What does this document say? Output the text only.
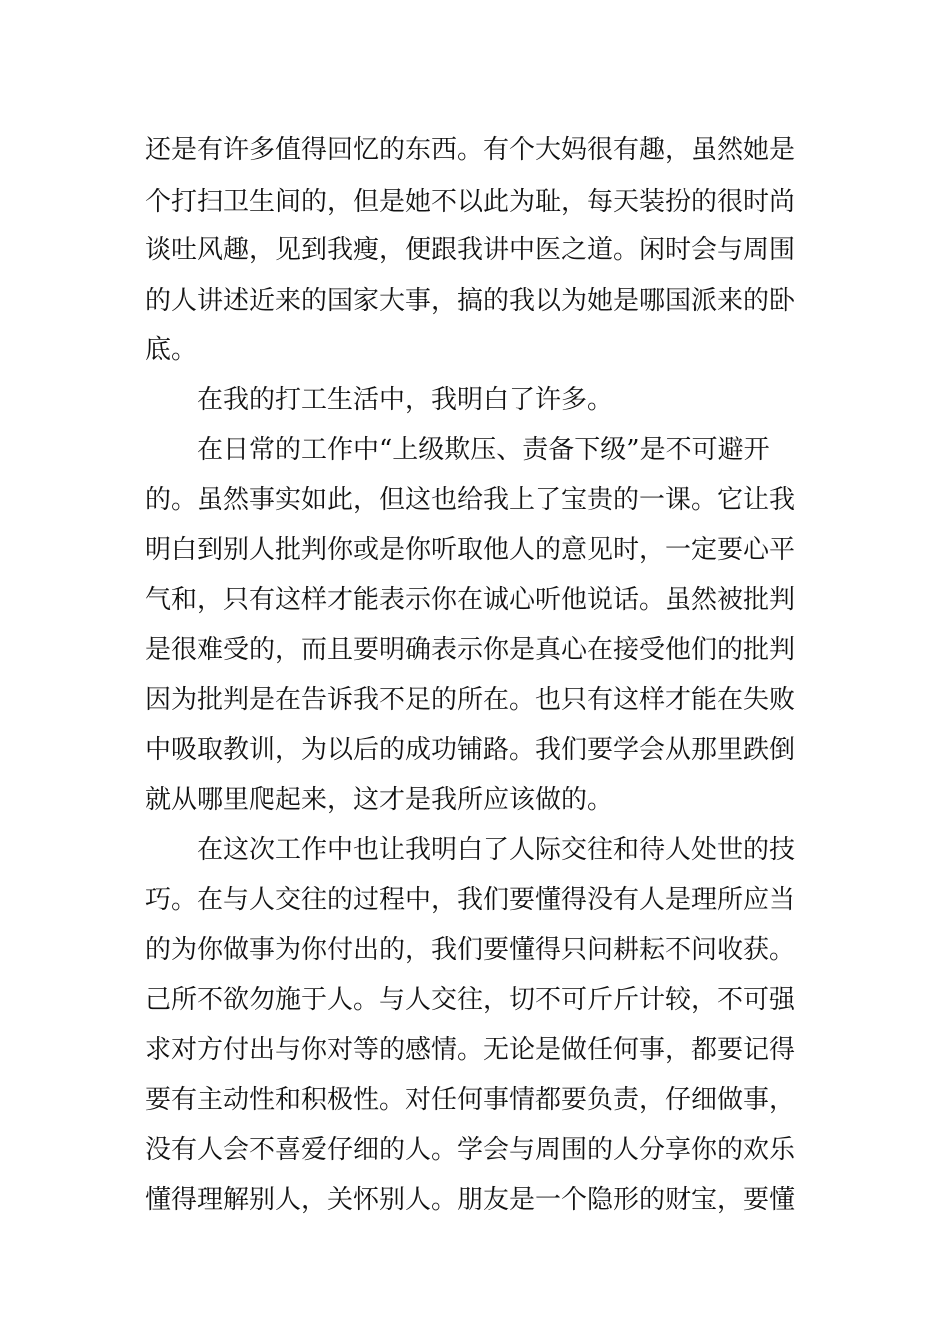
还是有许多值得回忆的东西。有个大妈很有趣，虽然她是
个打扫卫生间的，但是她不以此为耻，每天装扮的很时尚
谈吐风趣，见到我瘦，便跟我讲中医之道。闲时会与周围
的人讲述近来的国家大事，搞的我以为她是哪国派来的卧
底。
在我的打工生活中，我明白了许多。
在日常的工作中“上级欺压、责备下级”是不可避开
的。虽然事实如此，但这也给我上了宝贵的一课。它让我
明白到别人批判你或是你听取他人的意见时，一定要心平
气和，只有这样才能表示你在诚心听他说话。虽然被批判
是很难受的，而且要明确表示你是真心在接受他们的批判
因为批判是在告诉我不足的所在。也只有这样才能在失败
中吸取教训，为以后的成功铺路。我们要学会从那里跌倒
就从哪里爬起来，这才是我所应该做的。
在这次工作中也让我明白了人际交往和待人处世的技
巧。在与人交往的过程中，我们要懂得没有人是理所应当
的为你做事为你付出的，我们要懂得只问耕耘不问收获。
己所不欲勿施于人。与人交往，切不可斤斤计较，不可强
求对方付出与你对等的感情。无论是做任何事，都要记得
要有主动性和积极性。对任何事情都要负责，仔细做事，
没有人会不喜爱仔细的人。学会与周围的人分享你的欢乐
懂得理解别人，关怀别人。朋友是一个隐形的财宝，要懂
